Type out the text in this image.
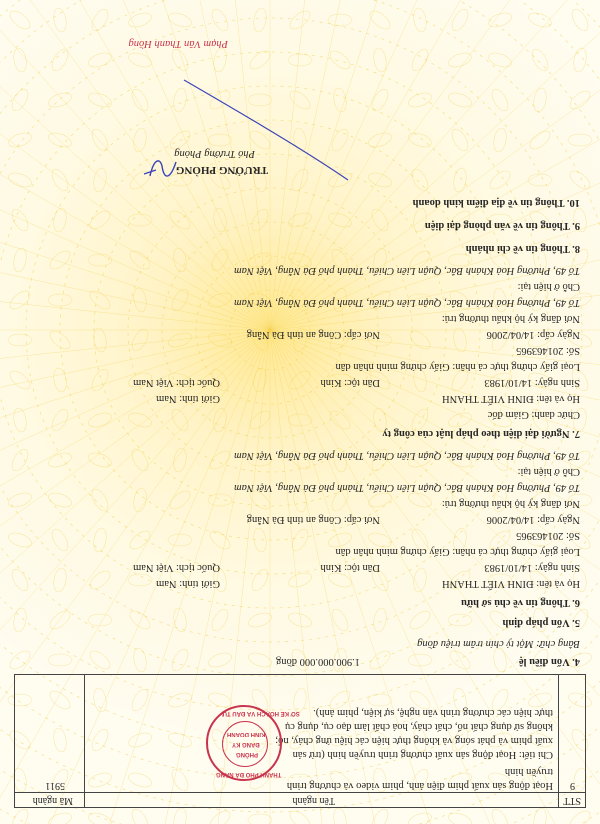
STT
Tên ngành
Mã ngành
9
5911	Hoạt động sản xuất phim điện ảnh, phim video và chương trình
truyền hình
Chi tiết: Hoạt động sản xuất chương trình truyền hình (trừ sản
xuất phim và phát sóng và không thực hiện các hiệu ứng cháy, nổ;
không sử dụng chất nổ, chất cháy, hoá chất làm đạo cụ, dụng cụ
thực hiện các chương trình văn nghệ, sự kiện, phim ảnh).
4. Vốn điều lệ
1.900.000.000 đồng
Bằng chữ: Một tỷ chín trăm triệu đồng
5. Vốn pháp định
6. Thông tin về chủ sở hữu
Họ và tên: ĐINH VIẾT THANH
Giới tính: Nam
Sinh ngày: 14/10/1983
Dân tộc: Kinh
Quốc tịch: Việt Nam
Loại giấy chứng thực cá nhân: Giấy chứng minh nhân dân
Số: 201463965
Ngày cấp: 14/04/2006
Nơi cấp: Công an tỉnh Đà Nẵng
Nơi đăng ký hộ khẩu thường trú:
Tổ 49, Phường Hoà Khánh Bắc, Quận Liên Chiểu, Thành phố Đà Nẵng, Việt Nam
Chỗ ở hiện tại:
Tổ 49, Phường Hoà Khánh Bắc, Quận Liên Chiểu, Thành phố Đà Nẵng, Việt Nam
7. Người đại diện theo pháp luật của công ty
Chức danh: Giám đốc
Họ và tên: ĐINH VIẾT THANH
Giới tính: Nam
Sinh ngày: 14/10/1983
Dân tộc: Kinh
Quốc tịch: Việt Nam
Loại giấy chứng thực cá nhân: Giấy chứng minh nhân dân
Số: 201463965
Ngày cấp: 14/04/2006
Nơi cấp: Công an tỉnh Đà Nẵng
Nơi đăng ký hộ khẩu thường trú:
Tổ 49, Phường Hoà Khánh Bắc, Quận Liên Chiểu, Thành phố Đà Nẵng, Việt Nam
Chỗ ở hiện tại:
Tổ 49, Phường Hoà Khánh Bắc, Quận Liên Chiểu, Thành phố Đà Nẵng, Việt Nam
8. Thông tin về chi nhánh
9. Thông tin về văn phòng đại diện
10. Thông tin về địa điểm kinh doanh
TRƯỞNG PHÒNG
Phó Trưởng Phòng
Phạm Văn Thanh Hồng
SỞ KẾ HOẠCH VÀ ĐẦU TƯ
PHÒNG
ĐĂNG KÝ
KINH DOANH
THÀNH PHỐ ĐÀ NẴNG
